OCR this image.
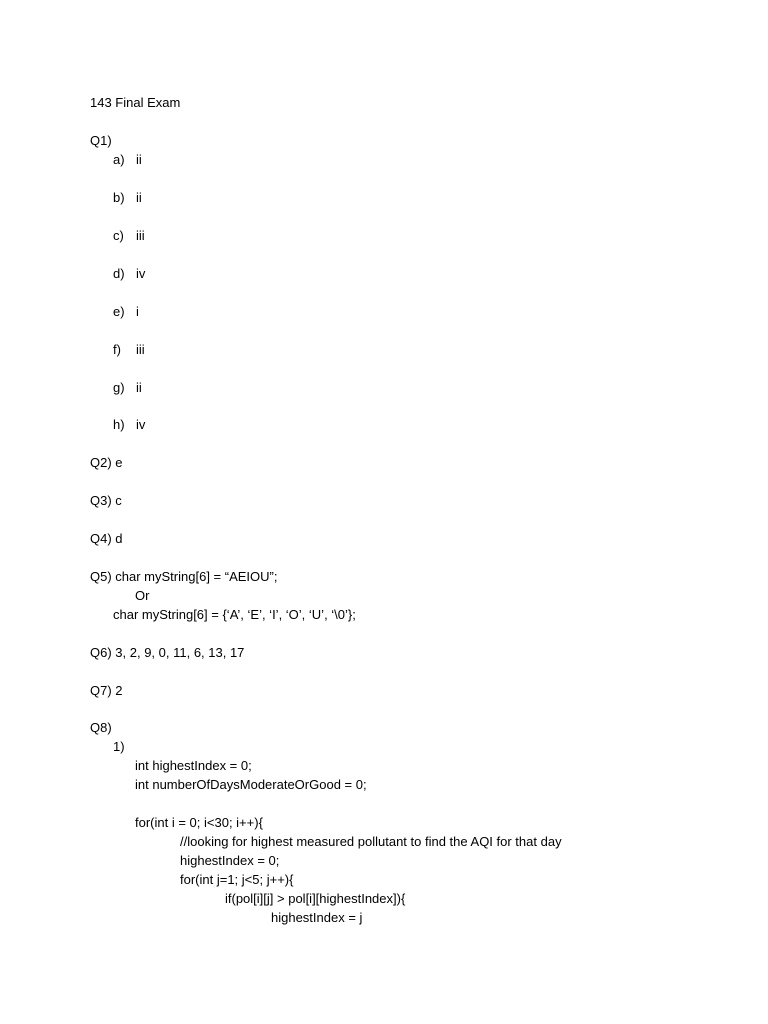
143 Final Exam
Q1)
a) ii
b) ii
c) iii
d) iv
e) i
f) iii
g) ii
h) iv
Q2) e
Q3) c
Q4) d
Q5) char myString[6] = “AEIOU”;
Or
char myString[6] = {‘A’, ‘E’, ‘I’, ‘O’, ‘U’, ‘\0’};
Q6) 3, 2, 9, 0, 11, 6, 13, 17
Q7) 2
Q8)
1)
int highestIndex = 0;
int numberOfDaysModerateOrGood = 0;
for(int i = 0; i<30; i++){
//looking for highest measured pollutant to find the AQI for that day
highestIndex = 0;
for(int j=1; j<5; j++){
if(pol[i][j] > pol[i][highestIndex]){
highestIndex = j
